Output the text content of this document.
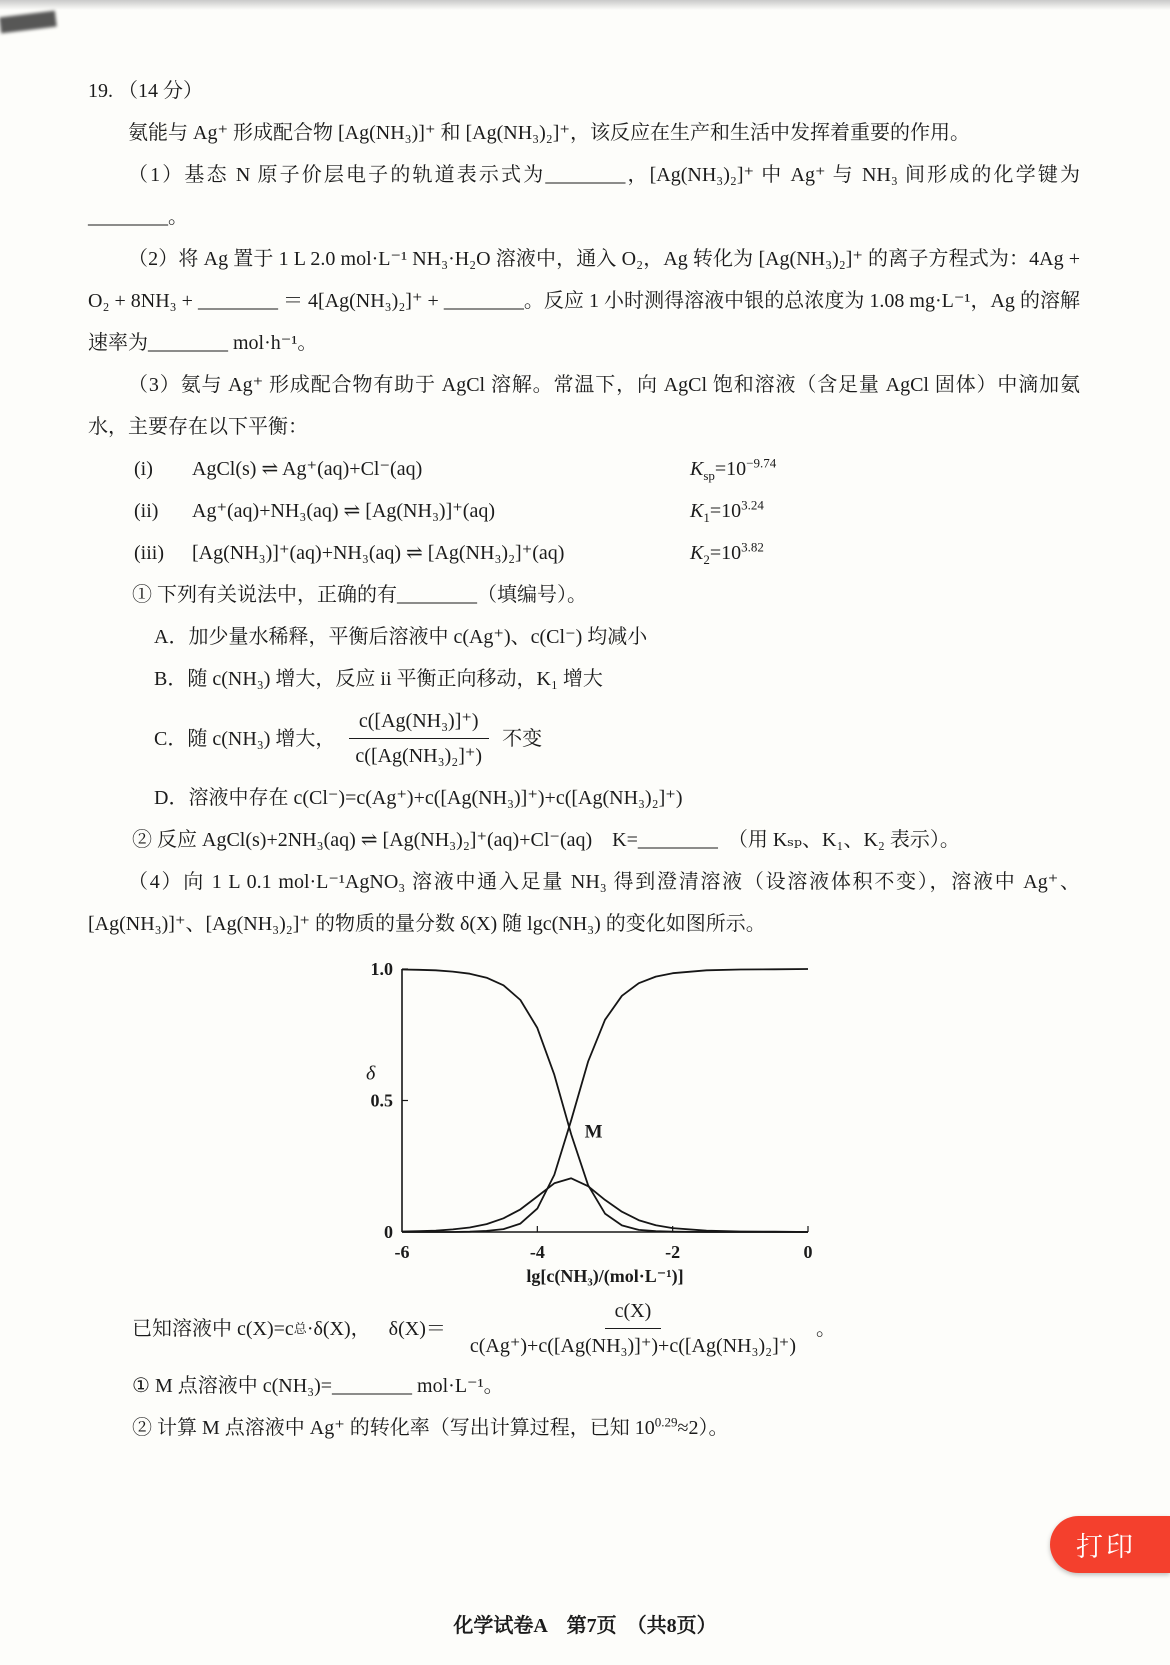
19. （14 分）

氨能与 Ag⁺ 形成配合物 [Ag(NH₃)]⁺ 和 [Ag(NH₃)₂]⁺，该反应在生产和生活中发挥着重要的作用。

（1）基态 N 原子价层电子的轨道表示式为________，[Ag(NH₃)₂]⁺ 中 Ag⁺ 与 NH₃ 间形成的化学键为________。

（2）将 Ag 置于 1 L 2.0 mol·L⁻¹ NH₃·H₂O 溶液中，通入 O₂，Ag 转化为 [Ag(NH₃)₂]⁺ 的离子方程式为：4Ag + O₂ + 8NH₃ + ________ ＝ 4[Ag(NH₃)₂]⁺ + ________。反应 1 小时测得溶液中银的总浓度为 1.08 mg·L⁻¹，Ag 的溶解速率为________ mol·h⁻¹。

（3）氨与 Ag⁺ 形成配合物有助于 AgCl 溶解。常温下，向 AgCl 饱和溶液（含足量 AgCl 固体）中滴加氨水，主要存在以下平衡：

(i) AgCl(s) ⇌ Ag⁺(aq)+Cl⁻(aq)	$K_{sp}=10^{-9.74}$
(ii) Ag⁺(aq)+NH₃(aq) ⇌ [Ag(NH₃)]⁺(aq)	$K_1=10^{3.24}$
(iii) [Ag(NH₃)]⁺(aq)+NH₃(aq) ⇌ [Ag(NH₃)₂]⁺(aq)	$K_2=10^{3.82}$

① 下列有关说法中，正确的有________（填编号）。

A．加少量水稀释，平衡后溶液中 c(Ag⁺)、c(Cl⁻) 均减小

B．随 c(NH₃) 增大，反应 ii 平衡正向移动，K₁ 增大

C．随 c(NH₃) 增大， $\frac{\text{c([Ag(NH₃)]⁺)}}{\text{c([Ag(NH₃)₂]⁺)}}$ 不变

D．溶液中存在 c(Cl⁻)=c(Ag⁺)+c([Ag(NH₃)]⁺)+c([Ag(NH₃)₂]⁺)

② 反应 AgCl(s)+2NH₃(aq) ⇌ [Ag(NH₃)₂]⁺(aq)+Cl⁻(aq)　K=________　（用 Kₛₚ、K₁、K₂ 表示）。

（4）向 1 L 0.1 mol·L⁻¹AgNO₃ 溶液中通入足量 NH₃ 得到澄清溶液（设溶液体积不变），溶液中 Ag⁺、[Ag(NH₃)]⁺、[Ag(NH₃)₂]⁺ 的物质的量分数 δ(X) 随 lgc(NH₃) 的变化如图所示。

-6	-4	-2	0
0
0.5
1.0
M
δ
lg[c(NH₃)/(mol·L⁻¹)]
已知溶液中 c(X)=c 总 ·δ(X)， $\delta(X)= \frac{c(X)}{\text{c(Ag⁺)+c([Ag(NH₃)]⁺)+c([Ag(NH₃)₂]⁺)}}$ 。

① M 点溶液中 c(NH₃)=________ mol·L⁻¹。

② 计算 M 点溶液中 Ag⁺ 的转化率（写出计算过程，已知 $10^{0.29}\approx 2$）。

化学试卷A　第7页　（共8页）
打印
